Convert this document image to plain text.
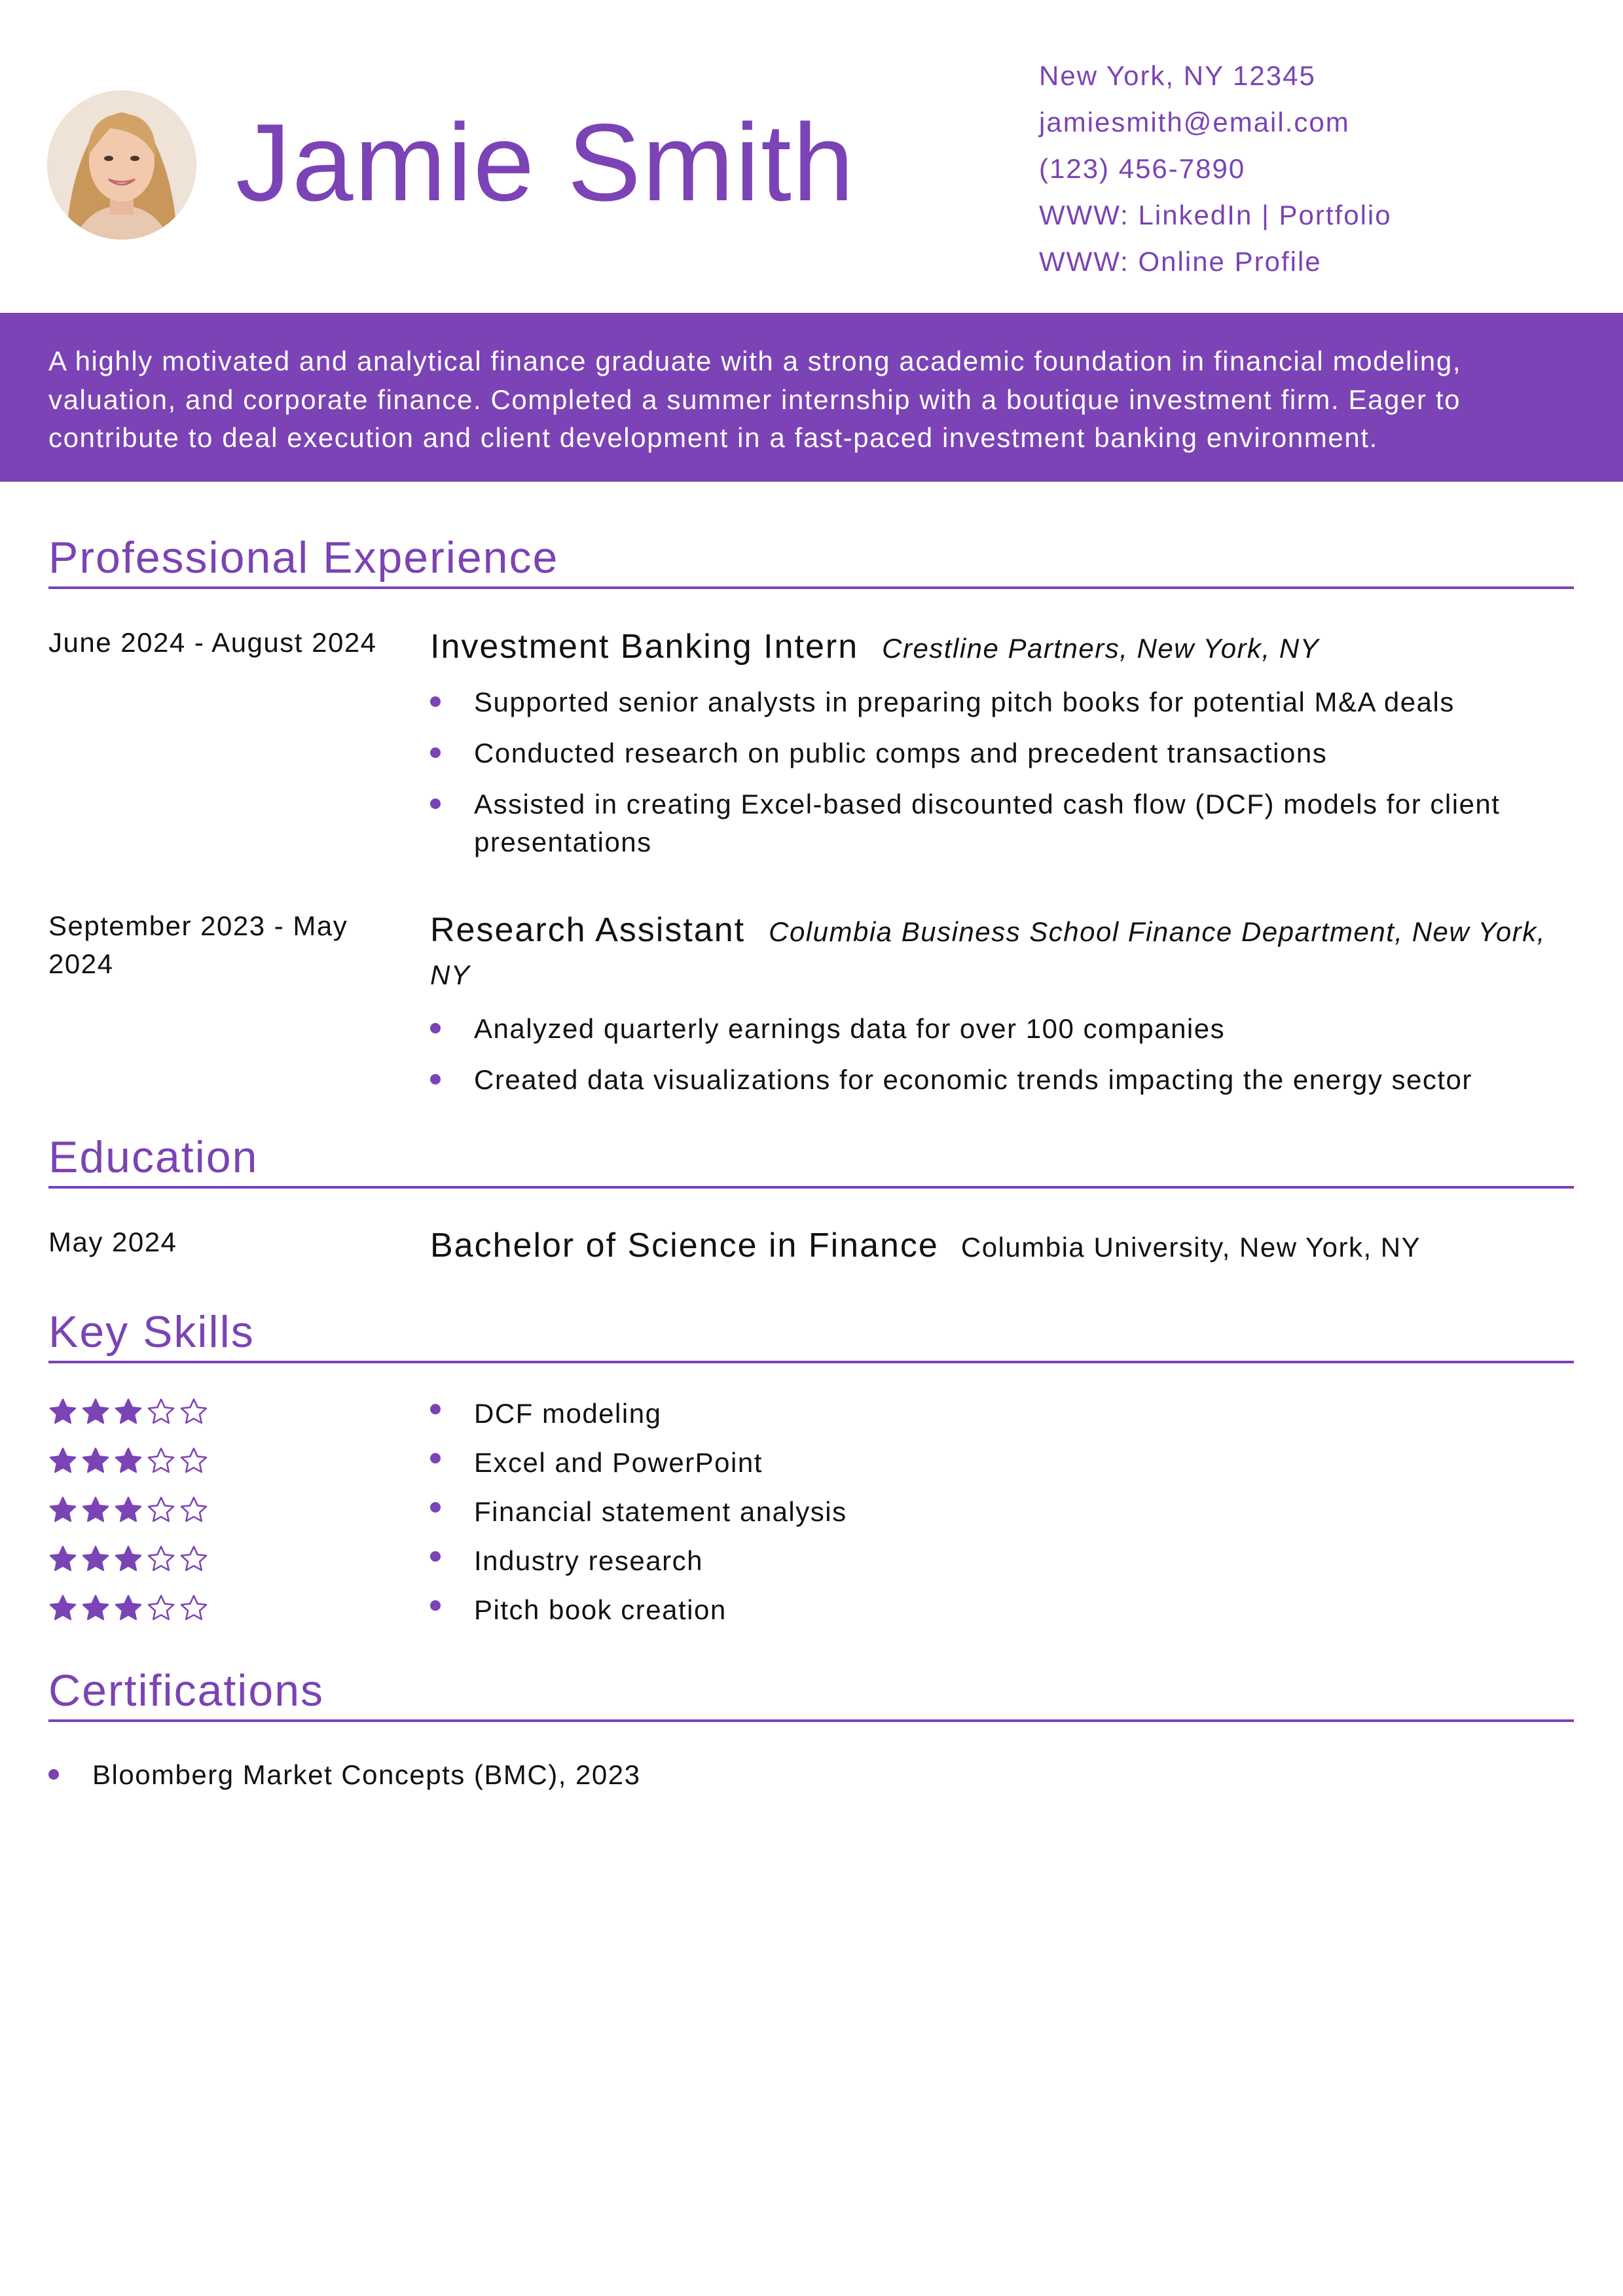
Jamie Smith
New York, NY 12345
jamiesmith@email.com
(123) 456-7890
WWW: LinkedIn | Portfolio
WWW: Online Profile

A highly motivated and analytical finance graduate with a strong academic foundation in financial modeling, valuation, and corporate finance. Completed a summer internship with a boutique investment firm. Eager to contribute to deal execution and client development in a fast-paced investment banking environment.

Professional Experience
June 2024 - August 2024	Investment Banking Intern Crestline Partners, New York, NY
Supported senior analysts in preparing pitch books for potential M&A deals
Conducted research on public comps and precedent transactions
Assisted in creating Excel-based discounted cash flow (DCF) models for client presentations
September 2023 - May 2024
Research Assistant Columbia Business School Finance Department, New York, NY
Analyzed quarterly earnings data for over 100 companies
Created data visualizations for economic trends impacting the energy sector
Education
May 2024	Bachelor of Science in Finance Columbia University, New York, NY
Key Skills
DCF modeling
Excel and PowerPoint
Financial statement analysis
Industry research
Pitch book creation
Certifications
Bloomberg Market Concepts (BMC), 2023
